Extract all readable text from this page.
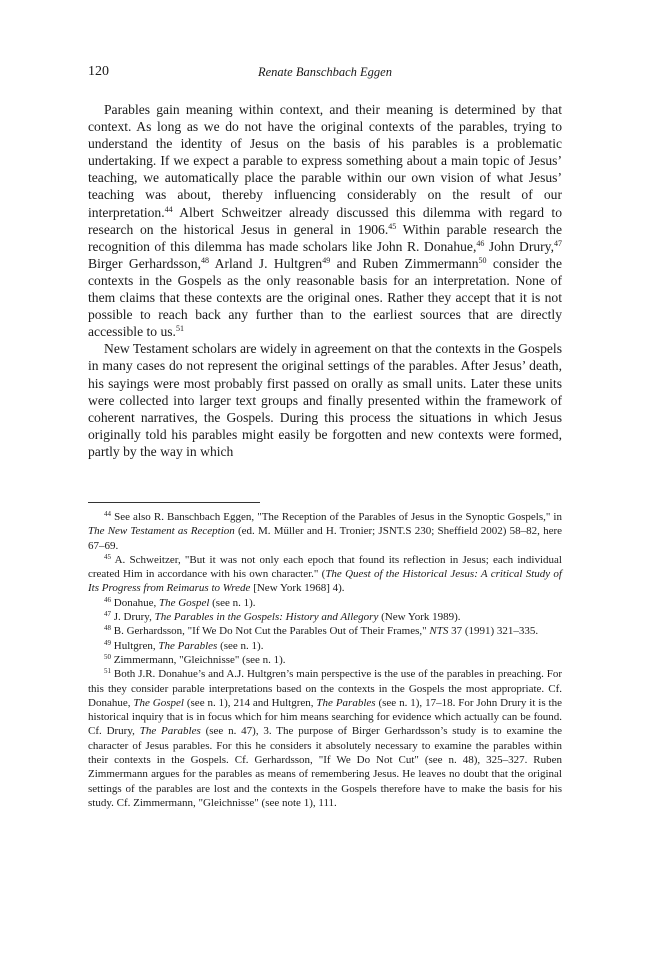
120	Renate Banschbach Eggen

Parables gain meaning within context, and their meaning is determined by that context. As long as we do not have the original contexts of the parables, trying to understand the identity of Jesus on the basis of his parables is a problematic undertaking. If we expect a parable to express something about a main topic of Jesus’ teaching, we automatically place the parable within our own vision of what Jesus’ teaching was about, thereby influencing considerably on the result of our interpretation.$^{44}$ Albert Schweitzer already discussed this dilemma with regard to research on the historical Jesus in general in 1906.45 Within parable research the recognition of this dilemma has made scholars like John R. Donahue,$^{46}$ John Drury,$^{47}$ Birger Gerhardsson,$^{48}$ Arland J. Hultgren$^{49}$ and Ruben Zimmermann$^{50}$ consider the contexts in the Gospels as the only reasonable basis for an interpretation. None of them claims that these contexts are the original ones. Rather they accept that it is not possible to reach back any further than to the earliest sources that are directly accessible to us.$^{51}$

New Testament scholars are widely in agreement on that the contexts in the Gospels in many cases do not represent the original settings of the parables. After Jesus’ death, his sayings were most probably first passed on orally as small units. Later these units were collected into larger text groups and finally presented within the framework of coherent narratives, the Gospels. During this process the situations in which Jesus originally told his parables might easily be forgotten and new contexts were formed, partly by the way in which

$^{44}$ See also R. Banschbach Eggen, "The Reception of the Parables of Jesus in the Synoptic Gospels," in The New Testament as Reception (ed. M. Müller and H. Tronier; JSNT.S 230; Sheffield 2002) 58–82, here 67–69.

$^{45}$ A. Schweitzer, "But it was not only each epoch that found its reflection in Jesus; each individual created Him in accordance with his own character." (The Quest of the Historical Jesus: A critical Study of Its Progress from Reimarus to Wrede [New York 1968] 4).

$^{46}$ Donahue, The Gospel (see n. 1).

$^{47}$ J. Drury, The Parables in the Gospels: History and Allegory (New York 1989).

$^{48}$ B. Gerhardsson, "If We Do Not Cut the Parables Out of Their Frames," NTS 37 (1991) 321–335.

$^{49}$ Hultgren, The Parables (see n. 1).

$^{50}$ Zimmermann, "Gleichnisse" (see n. 1).

$^{51}$ Both J.R. Donahue’s and A.J. Hultgren’s main perspective is the use of the parables in preaching. For this they consider parable interpretations based on the contexts in the Gospels the most appropriate. Cf. Donahue, The Gospel (see n. 1), 214 and Hultgren, The Parables (see n. 1), 17–18. For John Drury it is the historical inquiry that is in focus which for him means searching for evidence which actually can be found. Cf. Drury, The Parables (see n. 47), 3. The purpose of Birger Gerhardsson’s study is to examine the character of Jesus parables. For this he considers it absolutely necessary to examine the parables within their contexts in the Gospels. Cf. Gerhardsson, "If We Do Not Cut" (see n. 48), 325–327. Ruben Zimmermann argues for the parables as means of remembering Jesus. He leaves no doubt that the original settings of the parables are lost and the contexts in the Gospels therefore have to make the basis for his study. Cf. Zimmermann, "Gleichnisse" (see note 1), 111.
